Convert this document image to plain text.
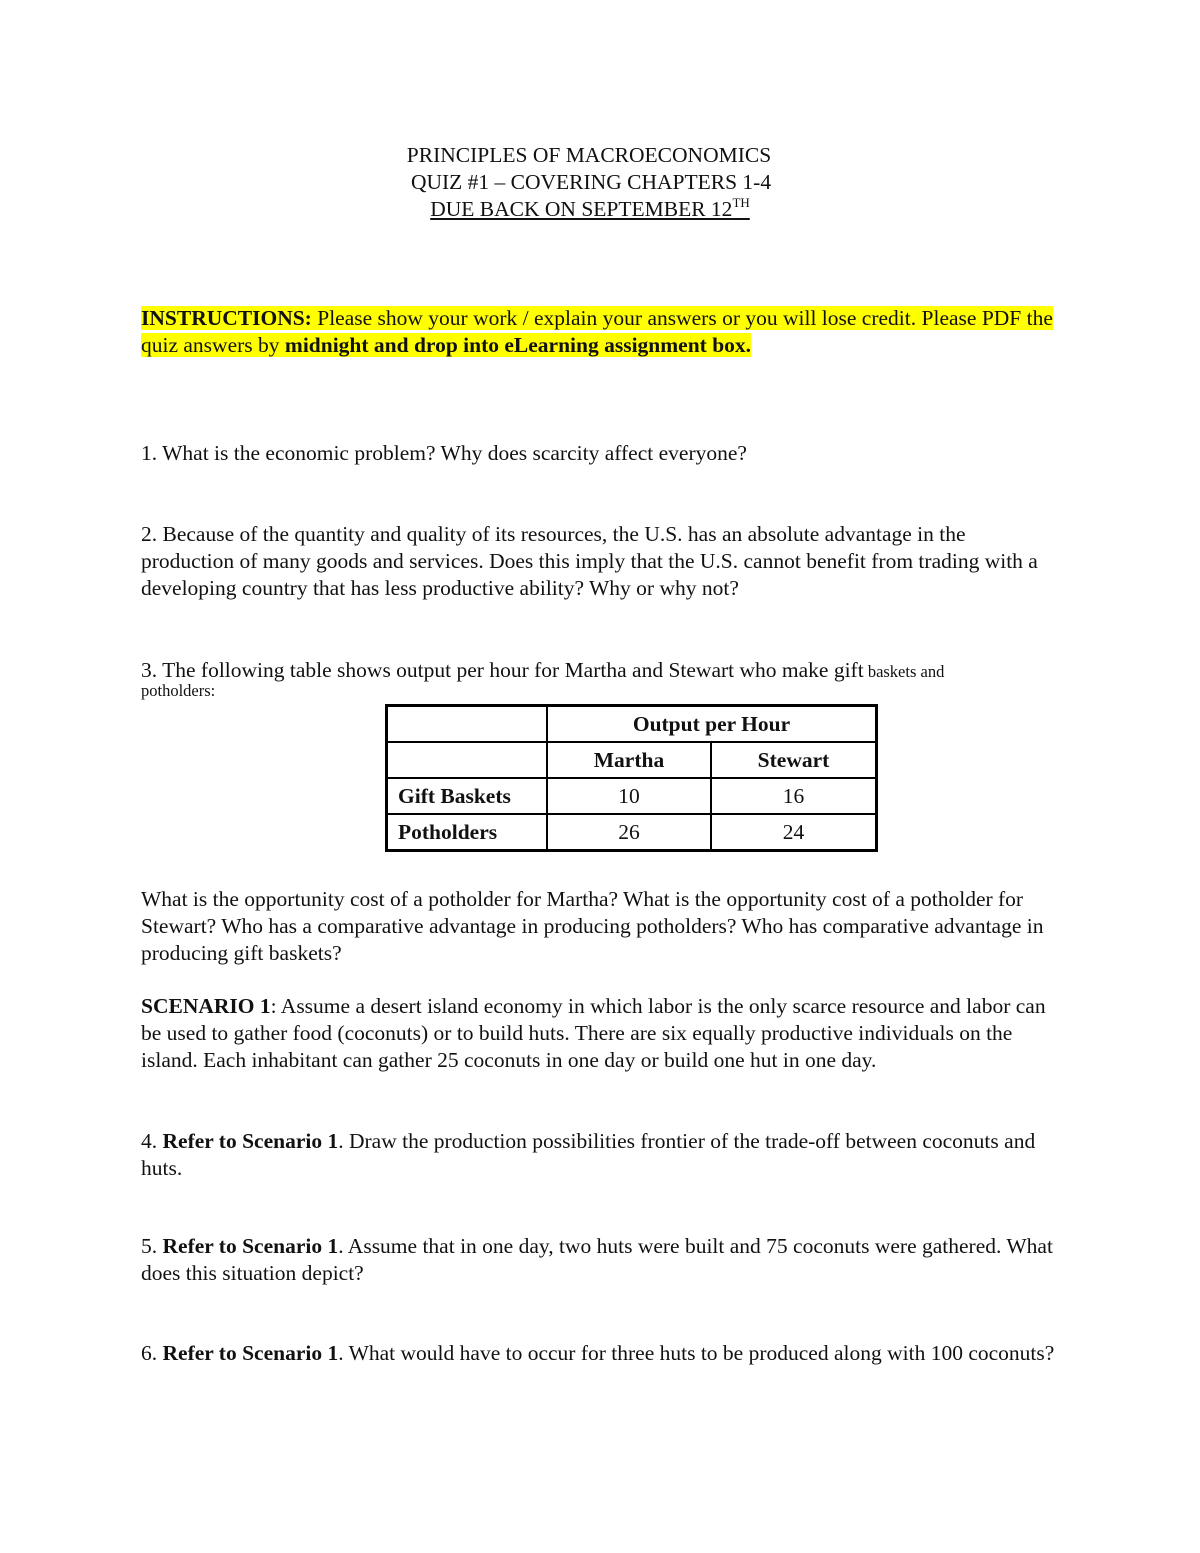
PRINCIPLES OF MACROECONOMICS
QUIZ #1 – COVERING CHAPTERS 1-4
DUE BACK ON SEPTEMBER 12TH
INSTRUCTIONS: Please show your work / explain your answers or you will lose credit. Please PDF the quiz answers by midnight and drop into eLearning assignment box.
1. What is the economic problem? Why does scarcity affect everyone?
2. Because of the quantity and quality of its resources, the U.S. has an absolute advantage in the production of many goods and services. Does this imply that the U.S. cannot benefit from trading with a developing country that has less productive ability? Why or why not?
3. The following table shows output per hour for Martha and Stewart who make gift baskets and
potholders:
	Output per Hour	
	Martha	Stewart
Gift Baskets	10	16
Potholders	26	24
What is the opportunity cost of a potholder for Martha? What is the opportunity cost of a potholder for Stewart? Who has a comparative advantage in producing potholders? Who has comparative advantage in producing gift baskets?
SCENARIO 1: Assume a desert island economy in which labor is the only scarce resource and labor can be used to gather food (coconuts) or to build huts. There are six equally productive individuals on the island. Each inhabitant can gather 25 coconuts in one day or build one hut in one day.
4. Refer to Scenario 1. Draw the production possibilities frontier of the trade-off between coconuts and huts.
5. Refer to Scenario 1. Assume that in one day, two huts were built and 75 coconuts were gathered. What does this situation depict?
6. Refer to Scenario 1. What would have to occur for three huts to be produced along with 100 coconuts?
